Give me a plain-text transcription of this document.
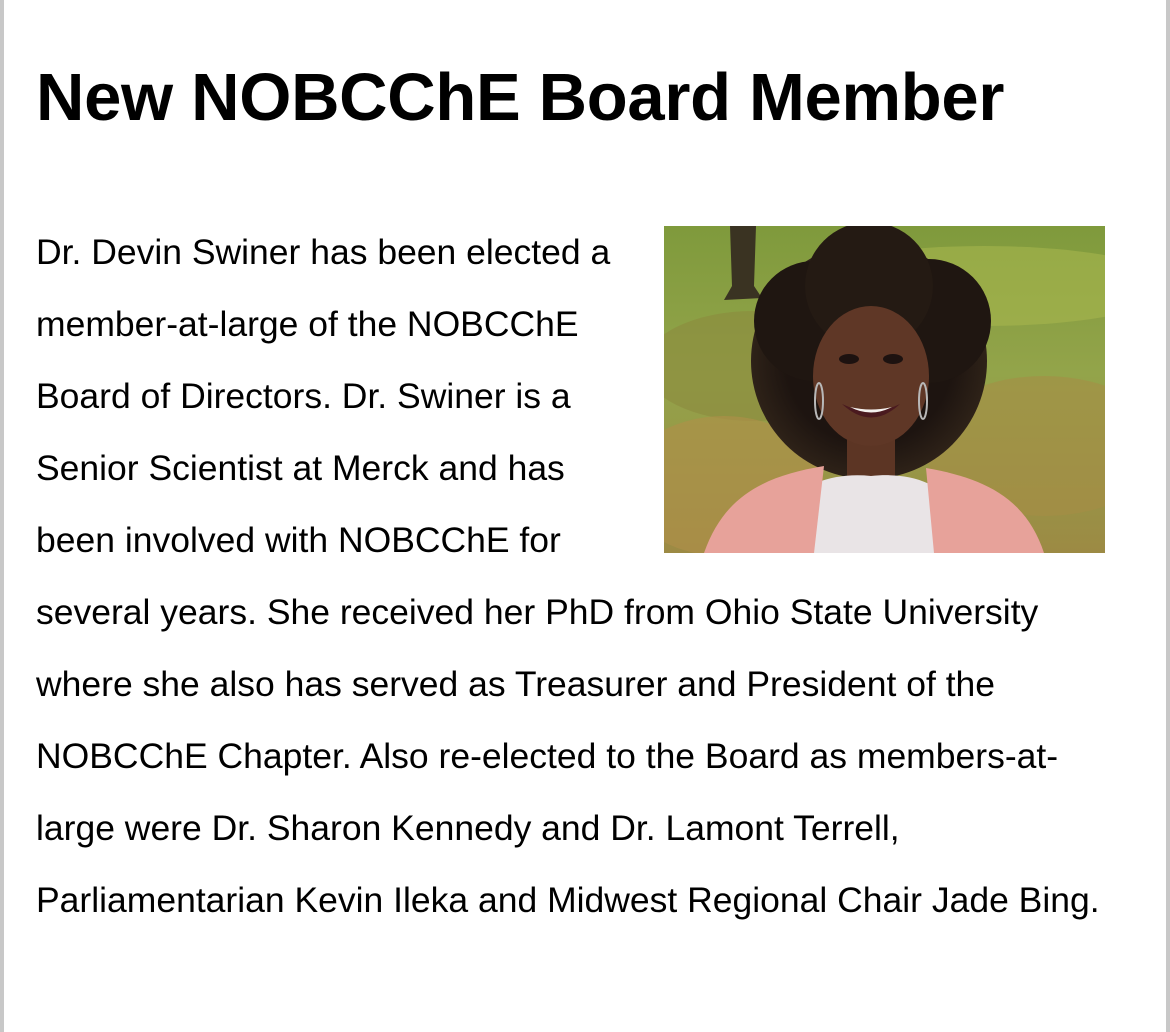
New NOBCChE Board Member
Dr. Devin Swiner has been elected a member-at-large of the NOBCChE Board of Directors. Dr. Swiner is a Senior Scientist at Merck and has been involved with NOBCChE for several years. She received her PhD from Ohio State University where she also has served as Treasurer and President of the NOBCChE Chapter. Also re-elected to the Board as members-at-large were Dr. Sharon Kennedy and Dr. Lamont Terrell, Parliamentarian Kevin Ileka and Midwest Regional Chair Jade Bing.
